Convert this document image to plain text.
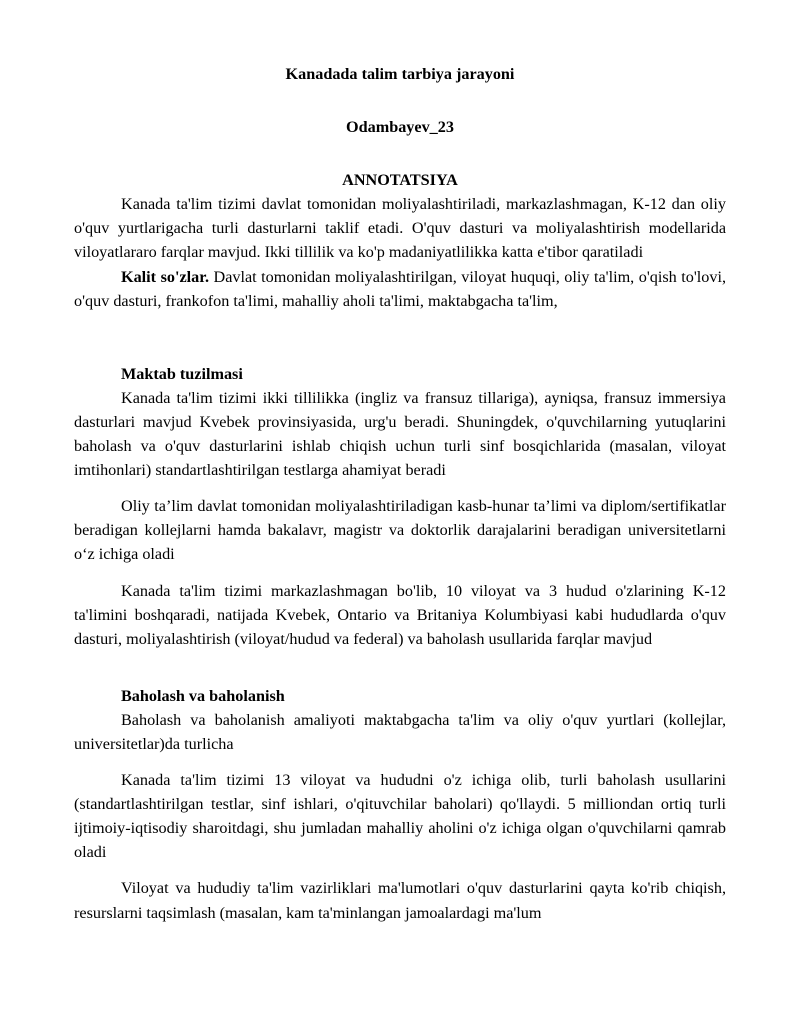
Kanadada talim tarbiya jarayoni
Odambayev_23
ANNOTATSIYA

Kanada ta'lim tizimi davlat tomonidan moliyalashtiriladi, markazlashmagan, K-12 dan oliy o'quv yurtlarigacha turli dasturlarni taklif etadi. O'quv dasturi va moliyalashtirish modellarida viloyatlararo farqlar mavjud. Ikki tillilik va ko'p madaniyatlilikka katta e'tibor qaratiladi

Kalit so'zlar. Davlat tomonidan moliyalashtirilgan, viloyat huquqi, oliy ta'lim, o'qish to'lovi, o'quv dasturi, frankofon ta'limi, mahalliy aholi ta'limi, maktabgacha ta'lim,

Maktab tuzilmasi

Kanada ta'lim tizimi ikki tillilikka (ingliz va fransuz tillariga), ayniqsa, fransuz immersiya dasturlari mavjud Kvebek provinsiyasida, urg'u beradi. Shuningdek, o'quvchilarning yutuqlarini baholash va o'quv dasturlarini ishlab chiqish uchun turli sinf bosqichlarida (masalan, viloyat imtihonlari) standartlashtirilgan testlarga ahamiyat beradi

Oliy ta’lim davlat tomonidan moliyalashtiriladigan kasb-hunar ta’limi va diplom/sertifikatlar beradigan kollejlarni hamda bakalavr, magistr va doktorlik darajalarini beradigan universitetlarni o‘z ichiga oladi

Kanada ta'lim tizimi markazlashmagan bo'lib, 10 viloyat va 3 hudud o'zlarining K-12 ta'limini boshqaradi, natijada Kvebek, Ontario va Britaniya Kolumbiyasi kabi hududlarda o'quv dasturi, moliyalashtirish (viloyat/hudud va federal) va baholash usullarida farqlar mavjud

Baholash va baholanish

Baholash va baholanish amaliyoti maktabgacha ta'lim va oliy o'quv yurtlari (kollejlar, universitetlar)da turlicha

Kanada ta'lim tizimi 13 viloyat va hududni o'z ichiga olib, turli baholash usullarini (standartlashtirilgan testlar, sinf ishlari, o'qituvchilar baholari) qo'llaydi. 5 milliondan ortiq turli ijtimoiy-iqtisodiy sharoitdagi, shu jumladan mahalliy aholini o'z ichiga olgan o'quvchilarni qamrab oladi

Viloyat va hududiy ta'lim vazirliklari ma'lumotlari o'quv dasturlarini qayta ko'rib chiqish, resurslarni taqsimlash (masalan, kam ta'minlangan jamoalardagi ma'lum
